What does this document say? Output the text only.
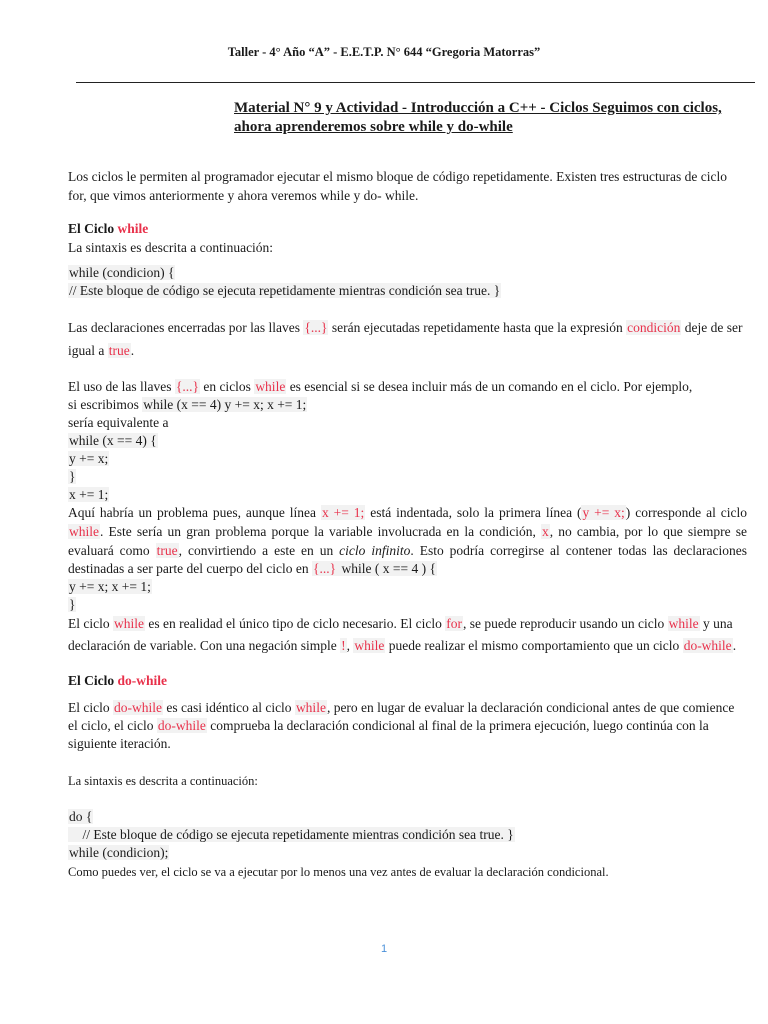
Taller - 4° Año “A” - E.E.T.P. N° 644 “Gregoria Matorras”
Material N° 9 y Actividad - Introducción a C++ - Ciclos Seguimos con ciclos,
ahora aprenderemos sobre while y do-while
Los ciclos le permiten al programador ejecutar el mismo bloque de código repetidamente. Existen tres estructuras de ciclo
for, que vimos anteriormente y ahora veremos while y do- while.
El Ciclo while
La sintaxis es descrita a continuación:
while (condicion) {
// Este bloque de código se ejecuta repetidamente mientras condición sea true. }
Las declaraciones encerradas por las llaves {...} serán ejecutadas repetidamente hasta que la expresión condición deje de ser
igual a true.
El uso de las llaves {...} en ciclos while es esencial si se desea incluir más de un comando en el ciclo. Por ejemplo,
si escribimos while (x == 4) y += x; x += 1;
sería equivalente a
while (x == 4) {
y += x;
}
x += 1;
Aquí habría un problema pues, aunque línea x += 1; está indentada, solo la primera línea (y += x;) corresponde al ciclo
while. Este sería un gran problema porque la variable involucrada en la condición, x, no cambia, por lo que siempre se
evaluará como true, convirtiendo a este en un ciclo infinito. Esto podría corregirse al contener todas las declaraciones
destinadas a ser parte del cuerpo del ciclo en {...} while ( x == 4 ) {
y += x; x += 1;
}
El ciclo while es en realidad el único tipo de ciclo necesario. El ciclo for, se puede reproducir usando un ciclo while y una
declaración de variable. Con una negación simple !, while puede realizar el mismo comportamiento que un ciclo do-while.
El Ciclo do-while
El ciclo do-while es casi idéntico al ciclo while, pero en lugar de evaluar la declaración condicional antes de que comience
el ciclo, el ciclo do-while comprueba la declaración condicional al final de la primera ejecución, luego continúa con la
siguiente iteración.
La sintaxis es descrita a continuación:
do {
// Este bloque de código se ejecuta repetidamente mientras condición sea true. }
while (condicion);
Como puedes ver, el ciclo se va a ejecutar por lo menos una vez antes de evaluar la declaración condicional.
1
